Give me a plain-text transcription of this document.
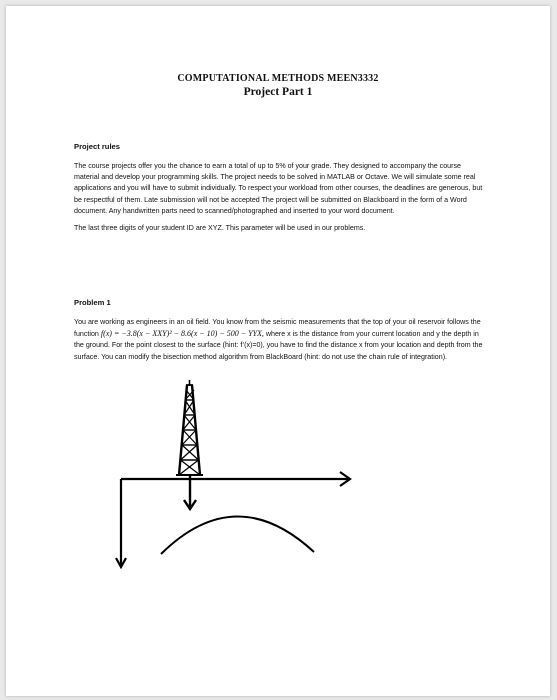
COMPUTATIONAL METHODS MEEN3332
Project Part 1
Project rules

The course projects offer you the chance to earn a total of up to 5% of your grade. They designed to accompany the course material and develop your programming skills. The project needs to be solved in MATLAB or Octave. We will simulate some real applications and you will have to submit individually. To respect your workload from other courses, the deadlines are generous, but be respectful of them. Late submission will not be accepted The project will be submitted on Blackboard in the form of a Word document. Any handwritten parts need to scanned/photographed and inserted to your word document.

The last three digits of your student ID are XYZ. This parameter will be used in our problems.

Problem 1

You are working as engineers in an oil field. You know from the seismic measurements that the top of your oil reservoir follows the function f(x) = −3.8(x − XXY)² − 8.6(x − 10) − 500 − YYX, where x is the distance from your current location and y the depth in the ground. For the point closest to the surface (hint: f’(x)=0), you have to find the distance x from your location and depth from the surface. You can modify the bisection method algorithm from BlackBoard (hint: do not use the chain rule of integration).
